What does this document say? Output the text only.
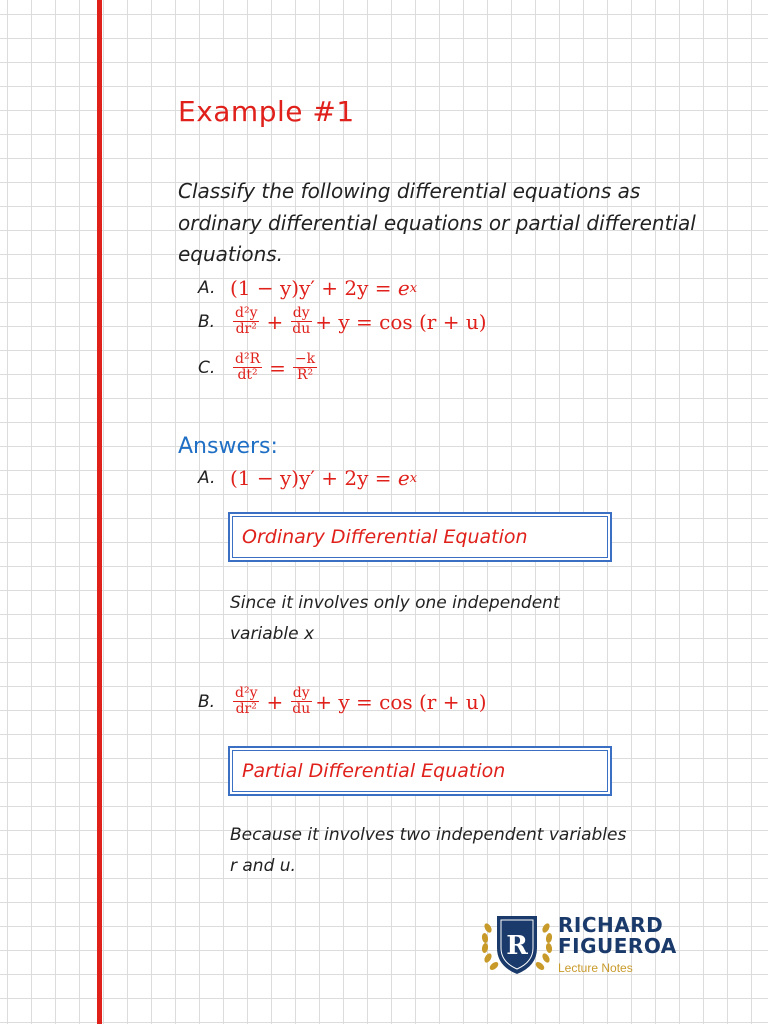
Example #1
Classify the following differential equations as ordinary differential equations or partial differential equations.
A. (1 − y)y′ + 2y = e x
B.	$\frac{\text{d²y}}{\text{dr²}} + \frac{dy}{du} + y = \cos (r + u)$
C.	$\frac{\text{d²R}}{\text{dt²}} = \frac{-k}{\text{R²}}$
Answers:
A. (1 − y)y′ + 2y = e x
Ordinary Differential Equation
Since it involves only one independent
variable x
B.	$\frac{\text{d²y}}{\text{dr²}} + \frac{dy}{du} + y = \cos (r + u)$
Partial Differential Equation
Because it involves two independent variables
r and u.
R
RICHARD
FIGUEROA
Lecture Notes
